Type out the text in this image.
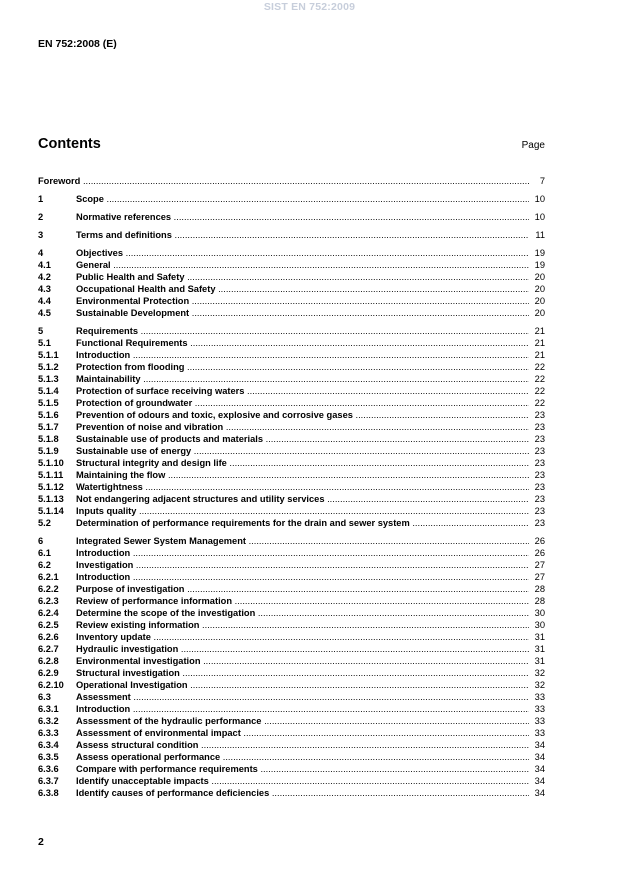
SIST EN 752:2009
EN 752:2008 (E)
Contents	Page
Foreword .....	7
1	Scope .....	10
2	Normative references .....	10
3	Terms and definitions .....	11
4	Objectives .....	19
4.1	General .....	19
4.2	Public Health and Safety .....	20
4.3	Occupational Health and Safety .....	20
4.4	Environmental Protection .....	20
4.5	Sustainable Development .....	20
5	Requirements .....	21
5.1	Functional Requirements .....	21
5.1.1 Introduction .....	21
5.1.2 Protection from flooding .....	22
5.1.3 Maintainability .....	22
5.1.4 Protection of surface receiving waters .....	22
5.1.5 Protection of groundwater .....	22
5.1.6 Prevention of odours and toxic, explosive and corrosive gases .....	23
5.1.7 Prevention of noise and vibration .....	23
5.1.8 Sustainable use of products and materials .....	23
5.1.9 Sustainable use of energy .....	23
5.1.10 Structural integrity and design life .....	23
5.1.11 Maintaining the flow .....	23
5.1.12 Watertightness .....	23
5.1.13 Not endangering adjacent structures and utility services .....	23
5.1.14 Inputs quality .....	23
5.2	Determination of performance requirements for the drain and sewer system .....	23
6	Integrated Sewer System Management .....	26
6.1	Introduction .....	26
6.2	Investigation .....	27
6.2.1 Introduction .....	27
6.2.2 Purpose of investigation .....	28
6.2.3 Review of performance information .....	28
6.2.4 Determine the scope of the investigation .....	30
6.2.5 Review existing information .....	30
6.2.6 Inventory update .....	31
6.2.7 Hydraulic investigation .....	31
6.2.8 Environmental investigation .....	31
6.2.9 Structural investigation .....	32
6.2.10 Operational Investigation .....	32
6.3	Assessment .....	33
6.3.1 Introduction .....	33
6.3.2 Assessment of the hydraulic performance .....	33
6.3.3 Assessment of environmental impact .....	33
6.3.4 Assess structural condition .....	34
6.3.5 Assess operational performance .....	34
6.3.6 Compare with performance requirements .....	34
6.3.7 Identify unacceptable impacts .....	34
6.3.8 Identify causes of performance deficiencies .....	34
2
